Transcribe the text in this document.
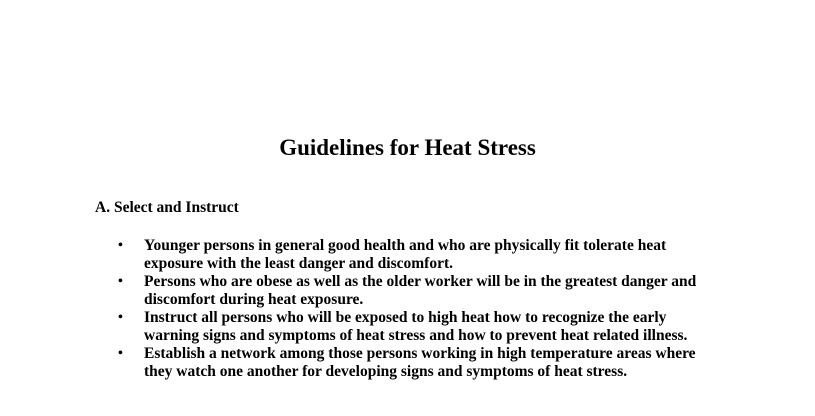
Guidelines for Heat Stress
A. Select and Instruct
• Younger persons in general good health and who are physically fit tolerate heat
exposure with the least danger and discomfort.
• Persons who are obese as well as the older worker will be in the greatest danger and
discomfort during heat exposure.
• Instruct all persons who will be exposed to high heat how to recognize the early
warning signs and symptoms of heat stress and how to prevent heat related illness.
• Establish a network among those persons working in high temperature areas where
they watch one another for developing signs and symptoms of heat stress.
